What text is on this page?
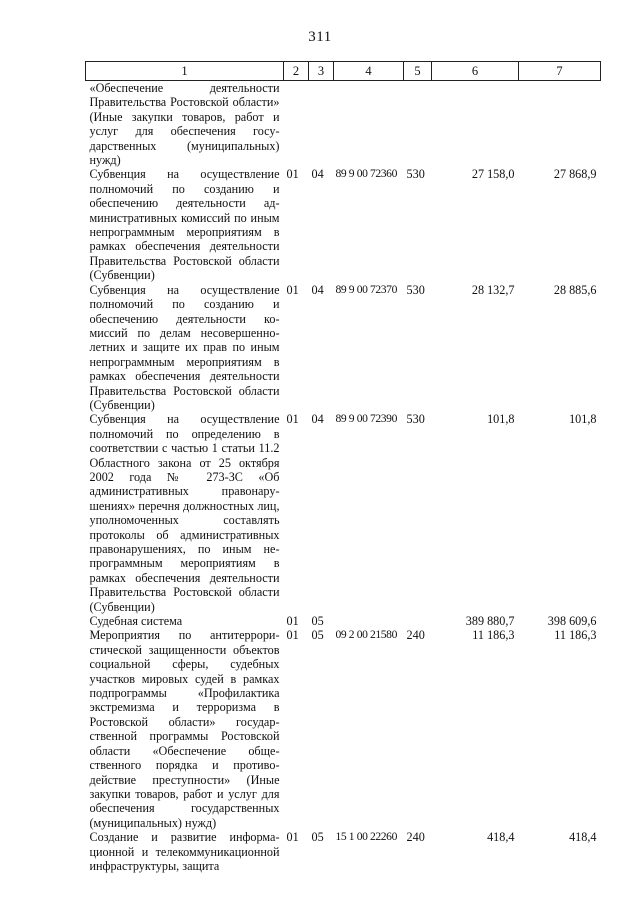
311
1	2	3	4	5	6	7
«Обеспечение деятельности Правительства Ростовской области» (Иные закупки товаров, работ и услуг для обеспечения государственных (муниципальных) нужд)						
Субвенция на осуществление полномочий по созданию и обеспечению деятельности административных комиссий по иным непрограммным мероприятиям в рамках обеспечения деятельности Правительства Ростовской области (Субвенции)	01	04	89 9 00 72360	530	27 158,0	27 868,9
Субвенция на осуществление полномочий по созданию и обеспечению деятельности комиссий по делам несовершеннолетних и защите их прав по иным непрограммным мероприятиям в рамках обеспечения деятельности Правительства Ростовской области (Субвенции)	01	04	89 9 00 72370	530	28 132,7	28 885,6
Субвенция на осуществление полномочий по определению в соответствии с частью 1 статьи 11.2 Областного закона от 25 октября 2002 года № 273-ЗС «Об административных правонарушениях» перечня должностных лиц, уполномоченных составлять протоколы об административных правонарушениях, по иным непрограммным мероприятиям в рамках обеспечения деятельности Правительства Ростовской области (Субвенции)	01	04	89 9 00 72390	530	101,8	101,8
Судебная система	01	05			389 880,7	398 609,6
Мероприятия по антитеррористической защищенности объектов социальной сферы, судебных участков мировых судей в рамках подпрограммы «Профилактика экстремизма и терроризма в Ростовской области» государственной программы Ростовской области «Обеспечение общественного порядка и противодействие преступности» (Иные закупки товаров, работ и услуг для обеспечения государственных (муниципальных) нужд)	01	05	09 2 00 21580	240	11 186,3	11 186,3
Создание и развитие информационной и телекоммуникационной инфраструктуры, защита	01	05	15 1 00 22260	240	418,4	418,4
